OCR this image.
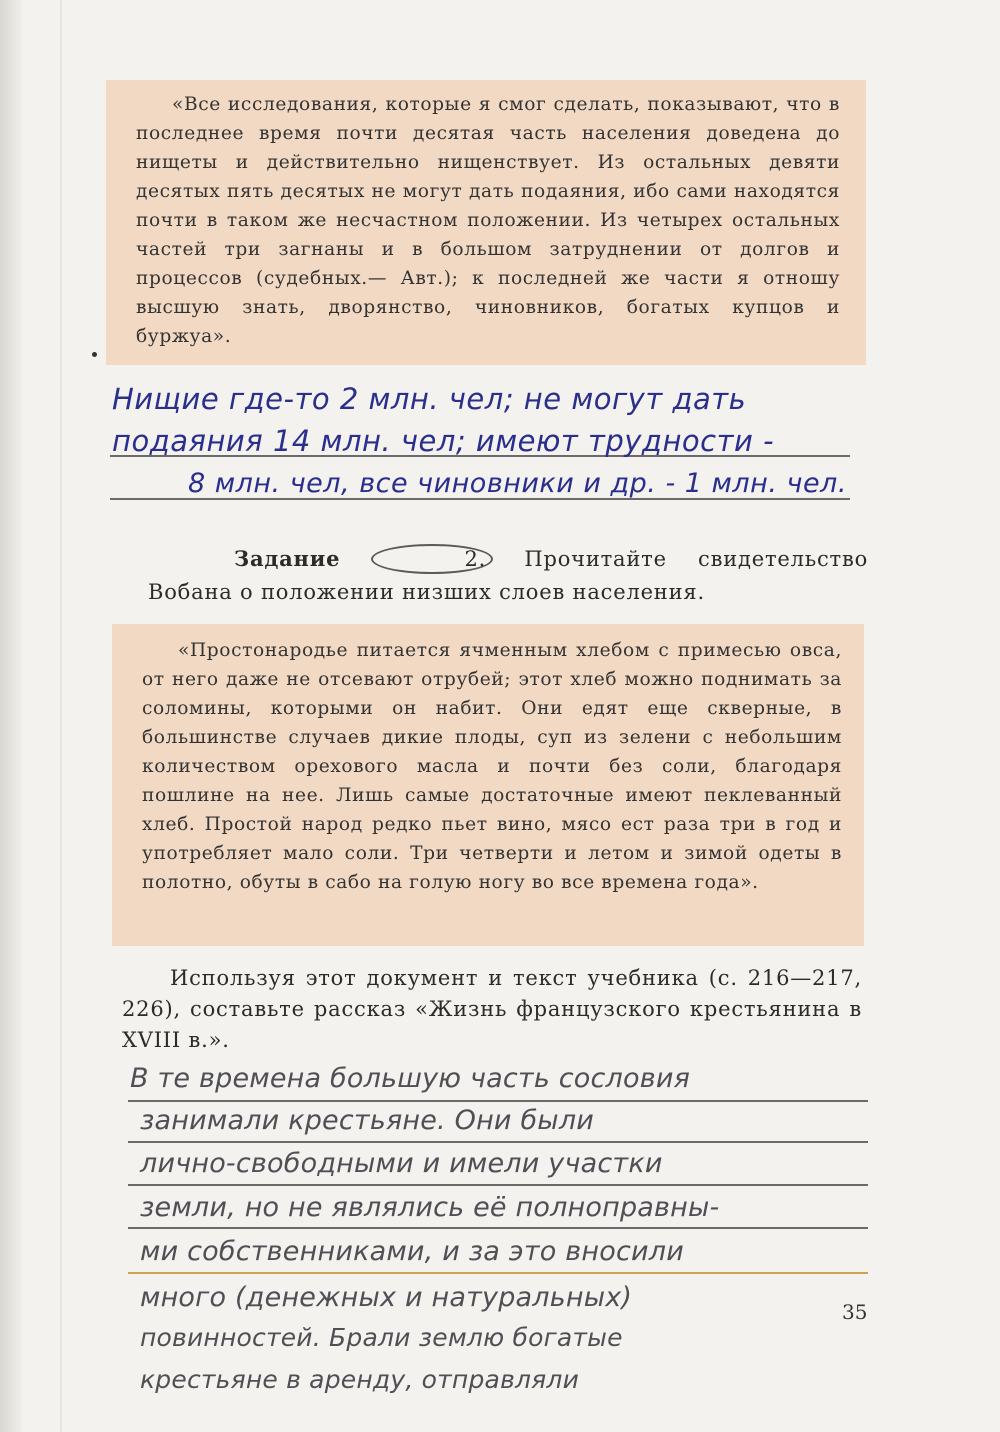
«Все исследования, которые я смог сделать, показывают, что в последнее время почти десятая часть населения доведена до нищеты и действительно нищенствует. Из остальных девяти десятых пять десятых не могут дать подаяния, ибо сами находятся почти в таком же несчастном положении. Из четырех остальных частей три загнаны и в большом затруднении от долгов и процессов (судебных.— Авт.); к последней же части я отношу высшую знать, дворянство, чиновников, богатых купцов и буржуа».

Нищие где-то 2 млн. чел; не могут дать

подаяния 14 млн. чел; имеют трудности -

8 млн. чел, все чиновники и др. - 1 млн. чел.

Задание	2. Прочитайте свидетельство Вобана о положении низших слоев населения.

«Простонародье питается ячменным хлебом с примесью овса, от него даже не отсевают отрубей; этот хлеб можно поднимать за соломины, которыми он набит. Они едят еще скверные, в большинстве случаев дикие плоды, суп из зелени с небольшим количеством орехового масла и почти без соли, благодаря пошлине на нее. Лишь самые достаточные имеют пеклеванный хлеб. Простой народ редко пьет вино, мясо ест раза три в год и употребляет мало соли. Три четверти и летом и зимой одеты в полотно, обуты в сабо на голую ногу во все времена года».

Используя этот документ и текст учебника (с. 216—217, 226), составьте рассказ «Жизнь французского крестьянина в XVIII в.».

В те времена большую часть сословия

занимали крестьяне. Они были

лично-свободными и имели участки

земли, но не являлись её полноправны-

ми собственниками, и за это вносили

много (денежных и натуральных)

повинностей. Брали землю богатые

крестьяне в аренду, отправляли

35
